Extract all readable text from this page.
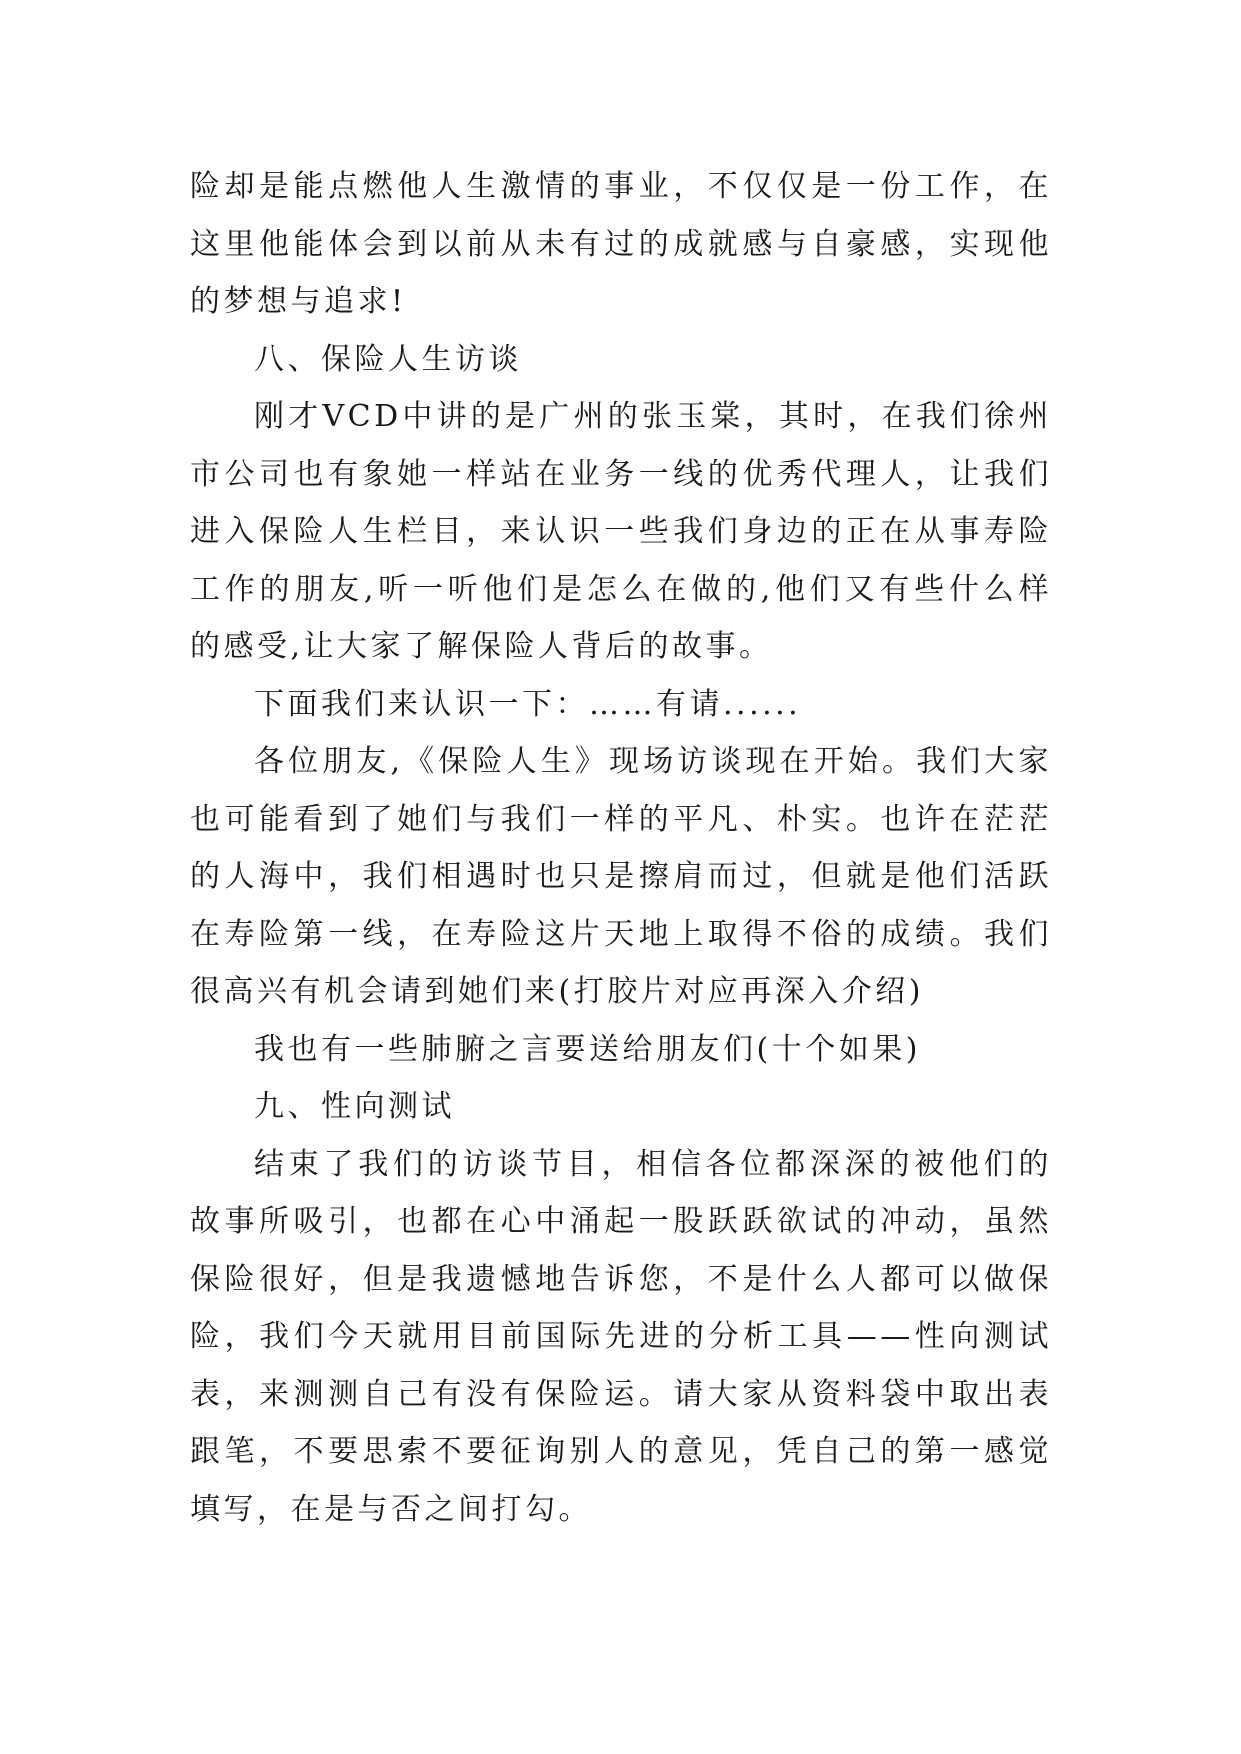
险却是能点燃他人生激情的事业，不仅仅是一份工作，在这里他能体会到以前从未有过的成就感与自豪感，实现他的梦想与追求!

八、保险人生访谈

刚才VCD中讲的是广州的张玉棠，其时，在我们徐州市公司也有象她一样站在业务一线的优秀代理人，让我们进入保险人生栏目，来认识一些我们身边的正在从事寿险工作的朋友,听一听他们是怎么在做的,他们又有些什么样的感受,让大家了解保险人背后的故事。

下面我们来认识一下：……有请......

各位朋友,《保险人生》现场访谈现在开始。我们大家也可能看到了她们与我们一样的平凡、朴实。也许在茫茫的人海中，我们相遇时也只是擦肩而过，但就是他们活跃在寿险第一线，在寿险这片天地上取得不俗的成绩。我们很高兴有机会请到她们来(打胶片对应再深入介绍)

我也有一些肺腑之言要送给朋友们(十个如果)

九、性向测试

结束了我们的访谈节目，相信各位都深深的被他们的故事所吸引，也都在心中涌起一股跃跃欲试的冲动，虽然保险很好，但是我遗憾地告诉您，不是什么人都可以做保险，我们今天就用目前国际先进的分析工具——性向测试表，来测测自己有没有保险运。请大家从资料袋中取出表跟笔，不要思索不要征询别人的意见，凭自己的第一感觉填写，在是与否之间打勾。
